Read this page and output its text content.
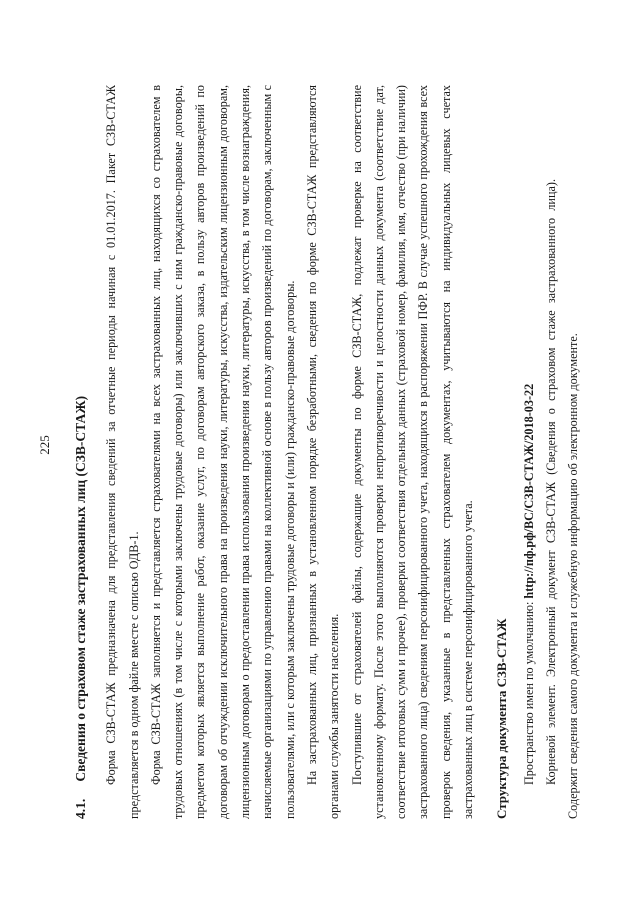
225
4.1. Сведения о страховом стаже застрахованных лиц (СЗВ-СТАЖ)	Форма СЗВ-СТАЖ предназначена для представления сведений за отчетные периоды начиная с 01.01.2017. Пакет СЗВ-СТАЖ представляется в одном файле вместе с описью ОДВ-1. Форма СЗВ-СТАЖ заполняется и представляется страхователями на всех застрахованных лиц, находящихся со страхователем в трудовых отношениях (в том числе с которыми заключены трудовые договоры) или заключивших с ним гражданско-правовые договоры, предметом которых является выполнение работ, оказание услуг, по договорам авторского заказа, в пользу авторов произведений по договорам об отчуждении исключительного права на произведения науки, литературы, искусства, издательским лицензионным договорам, лицензионным договорам о предоставлении права использования произведения науки, литературы, искусства, в том числе вознаграждения, начисляемые организациями по управлению правами на коллективной основе в пользу авторов произведений по договорам, заключенным с пользователями, или с которым заключены трудовые договоры и (или) гражданско-правовые договоры. На застрахованных лиц, признанных в установленном порядке безработными, сведения по форме СЗВ-СТАЖ представляются органами службы занятости населения. Поступившие от страхователей файлы, содержащие документы по форме СЗВ-СТАЖ, подлежат проверке на соответствие установленному формату. После этого выполняются проверки непротиворечивости и целостности данных документа (соответствие дат, соответствие итоговых сумм и прочее), проверки соответствия отдельных данных (страховой номер, фамилия, имя, отчество (при наличии) застрахованного лица) сведениям персонифицированного учета, находящихся в распоряжении ПФР. В случае успешного прохождения всех проверок сведения, указанные в представленных страхователем документах, учитываются на индивидуальных лицевых счетах застрахованных лиц в системе персонифицированного учета.	Структура документа СЗВ-СТАЖ	Пространство имен по умолчанию: http://пф.рф/ВС/СЗВ-СТАЖ/2018-03-22 Корневой элемент. Электронный документ СЗВ-СТАЖ (Сведения о страховом стаже застрахованного лица). Содержит сведения самого документа и служебную информацию об электронном документе.
